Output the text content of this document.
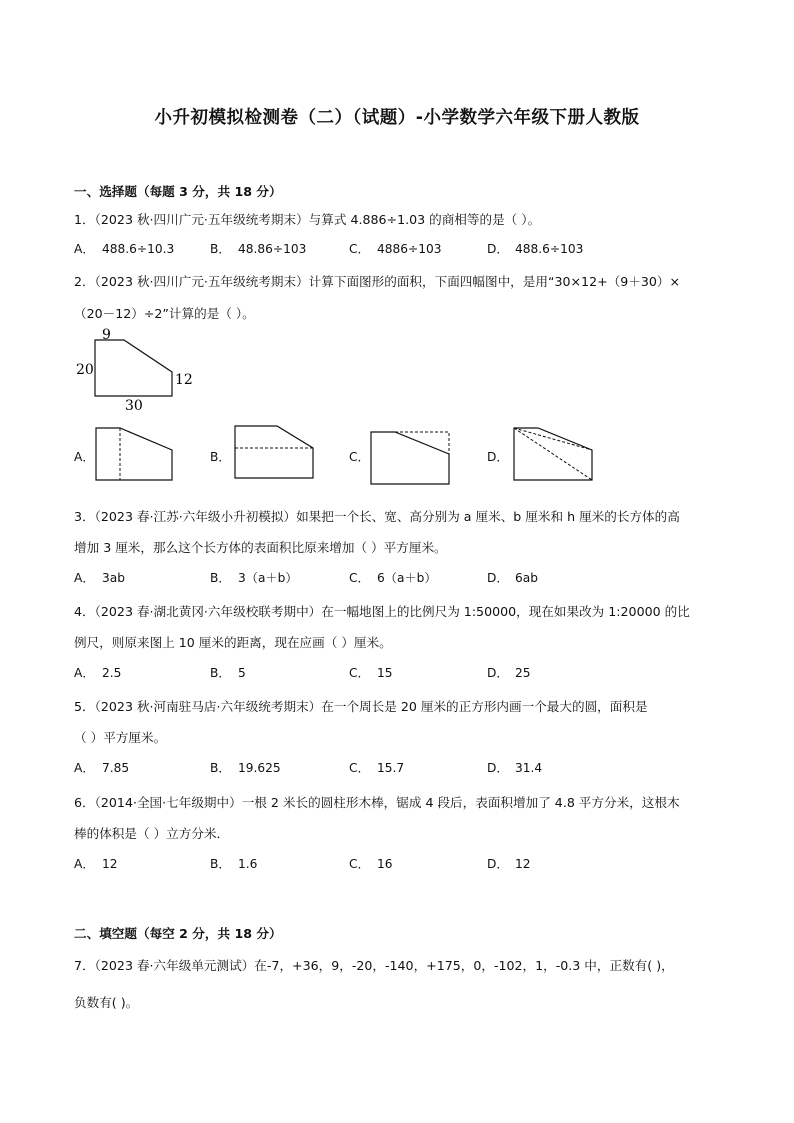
小升初模拟检测卷（二）（试题）-小学数学六年级下册人教版
一、选择题（每题 3 分，共 18 分）
1．（2023 秋·四川广元·五年级统考期末）与算式 4.886÷1.03 的商相等的是（ ）。
A． 488.6÷10.3	B． 48.86÷103	C． 4886÷103	D． 488.6÷103
2．（2023 秋·四川广元·五年级统考期末）计算下面图形的面积，下面四幅图中，是用“30×12+（9＋30）×
（20－12）÷2”计算的是（ ）。
9
20
12
30
A．	B．	C．	D．
3．（2023 春·江苏·六年级小升初模拟）如果把一个长、宽、高分别为 a 厘米、b 厘米和 h 厘米的长方体的高
增加 3 厘米，那么这个长方体的表面积比原来增加（ ）平方厘米。
A． 3ab	B． 3（a＋b）	C． 6（a＋b）	D． 6ab
4．（2023 春·湖北黄冈·六年级校联考期中）在一幅地图上的比例尺为 1:50000，现在如果改为 1:20000 的比
例尺，则原来图上 10 厘米的距离，现在应画（ ）厘米。
A． 2.5	B． 5	C． 15	D． 25
5．（2023 秋·河南驻马店·六年级统考期末）在一个周长是 20 厘米的正方形内画一个最大的圆，面积是
（ ）平方厘米。
A． 7.85	B． 19.625	C． 15.7	D． 31.4
6．（2014·全国·七年级期中）一根 2 米长的圆柱形木棒，锯成 4 段后，表面积增加了 4.8 平方分米，这根木
棒的体积是（ ）立方分米．
A． 12	B． 1.6	C． 16	D． 12
二、填空题（每空 2 分，共 18 分）
7．（2023 春·六年级单元测试）在-7，+36，9，-20，-140，+175，0，-102，1，-0.3 中，正数有( )，
负数有( )。
